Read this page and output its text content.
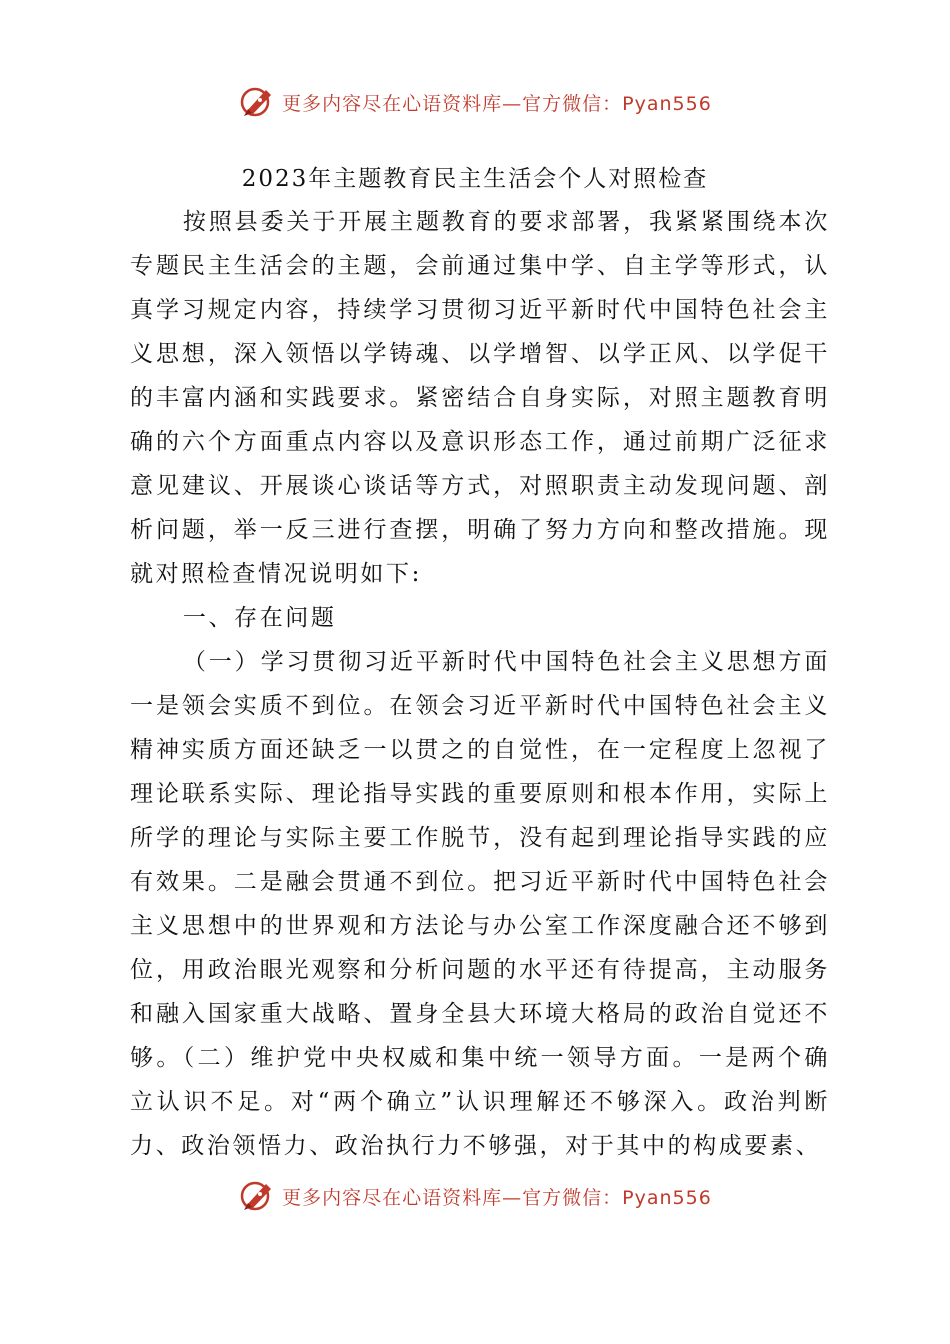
更多内容尽在心语资料库—官方微信：Pyan556
2023年主题教育民主生活会个人对照检查

按照县委关于开展主题教育的要求部署，我紧紧围绕本次专题民主生活会的主题，会前通过集中学、自主学等形式，认真学习规定内容，持续学习贯彻习近平新时代中国特色社会主义思想，深入领悟以学铸魂、以学增智、以学正风、以学促干的丰富内涵和实践要求。紧密结合自身实际，对照主题教育明确的六个方面重点内容以及意识形态工作，通过前期广泛征求意见建议、开展谈心谈话等方式，对照职责主动发现问题、剖析问题，举一反三进行查摆，明确了努力方向和整改措施。现就对照检查情况说明如下:

一、存在问题

（一）学习贯彻习近平新时代中国特色社会主义思想方面一是领会实质不到位。在领会习近平新时代中国特色社会主义精神实质方面还缺乏一以贯之的自觉性，在一定程度上忽视了理论联系实际、理论指导实践的重要原则和根本作用，实际上所学的理论与实际主要工作脱节，没有起到理论指导实践的应有效果。二是融会贯通不到位。把习近平新时代中国特色社会主义思想中的世界观和方法论与办公室工作深度融合还不够到位，用政治眼光观察和分析问题的水平还有待提高，主动服务和融入国家重大战略、置身全县大环境大格局的政治自觉还不够。（二）维护党中央权威和集中统一领导方面。一是两个确立认识不足。对“两个确立”认识理解还不够深入。政治判断力、政治领悟力、政治执行力不够强，对于其中的构成要素、

更多内容尽在心语资料库—官方微信：Pyan556
